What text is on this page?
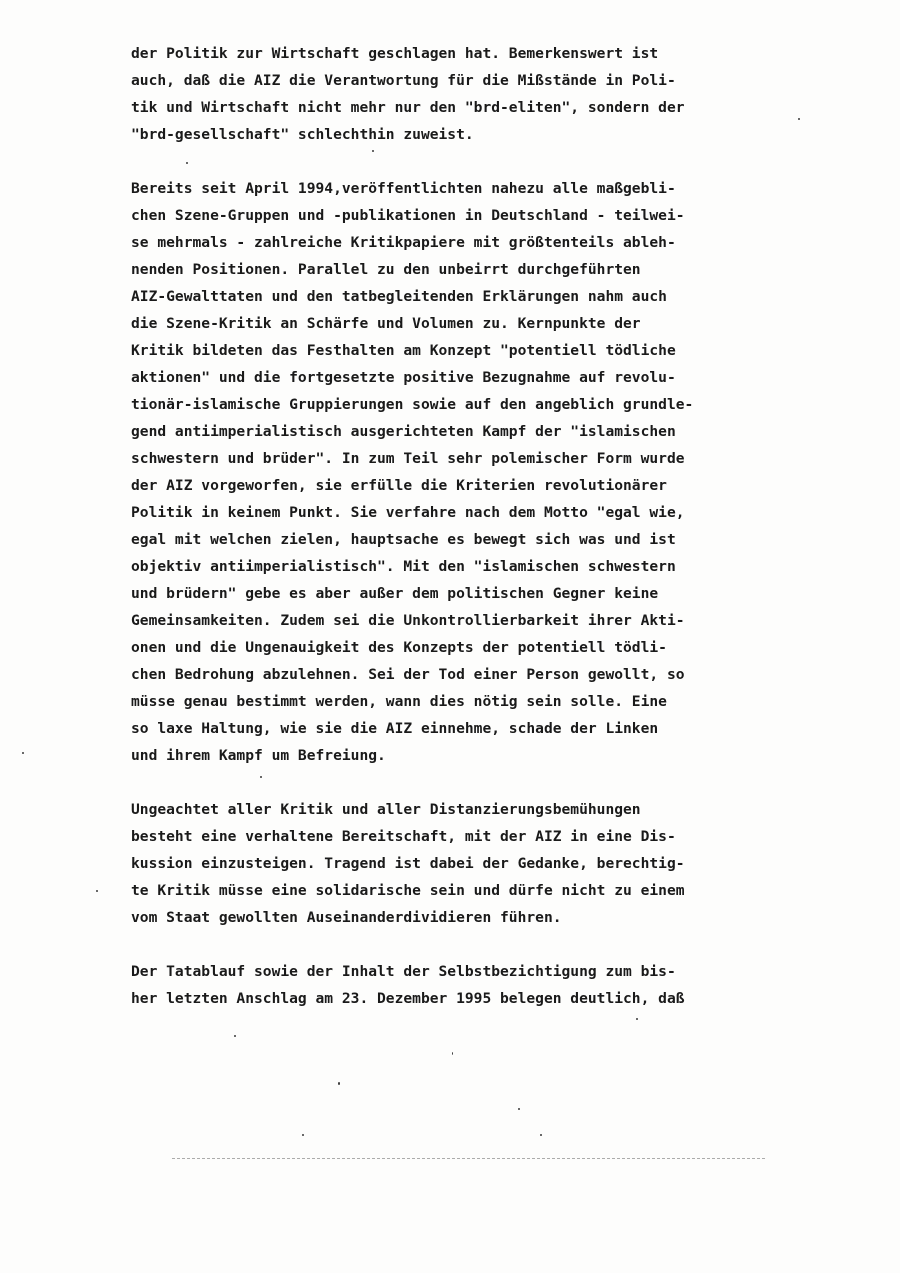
der Politik zur Wirtschaft geschlagen hat. Bemerkenswert ist
auch, daß die AIZ die Verantwortung für die Mißstände in Poli-
tik und Wirtschaft nicht mehr nur den "brd-eliten", sondern der
"brd-gesellschaft" schlechthin zuweist.
Bereits seit April 1994,veröffentlichten nahezu alle maßgebli-
chen Szene-Gruppen und -publikationen in Deutschland - teilwei-
se mehrmals - zahlreiche Kritikpapiere mit größtenteils ableh-
nenden Positionen. Parallel zu den unbeirrt durchgeführten
AIZ-Gewalttaten und den tatbegleitenden Erklärungen nahm auch
die Szene-Kritik an Schärfe und Volumen zu. Kernpunkte der
Kritik bildeten das Festhalten am Konzept "potentiell tödliche
aktionen" und die fortgesetzte positive Bezugnahme auf revolu-
tionär-islamische Gruppierungen sowie auf den angeblich grundle-
gend antiimperialistisch ausgerichteten Kampf der "islamischen
schwestern und brüder". In zum Teil sehr polemischer Form wurde
der AIZ vorgeworfen, sie erfülle die Kriterien revolutionärer
Politik in keinem Punkt. Sie verfahre nach dem Motto "egal wie,
egal mit welchen zielen, hauptsache es bewegt sich was und ist
objektiv antiimperialistisch". Mit den "islamischen schwestern
und brüdern" gebe es aber außer dem politischen Gegner keine
Gemeinsamkeiten. Zudem sei die Unkontrollierbarkeit ihrer Akti-
onen und die Ungenauigkeit des Konzepts der potentiell tödli-
chen Bedrohung abzulehnen. Sei der Tod einer Person gewollt, so
müsse genau bestimmt werden, wann dies nötig sein solle. Eine
so laxe Haltung, wie sie die AIZ einnehme, schade der Linken
und ihrem Kampf um Befreiung.
Ungeachtet aller Kritik und aller Distanzierungsbemühungen
besteht eine verhaltene Bereitschaft, mit der AIZ in eine Dis-
kussion einzusteigen. Tragend ist dabei der Gedanke, berechtig-
te Kritik müsse eine solidarische sein und dürfe nicht zu einem
vom Staat gewollten Auseinanderdividieren führen.
Der Tatablauf sowie der Inhalt der Selbstbezichtigung zum bis-
her letzten Anschlag am 23. Dezember 1995 belegen deutlich, daß
